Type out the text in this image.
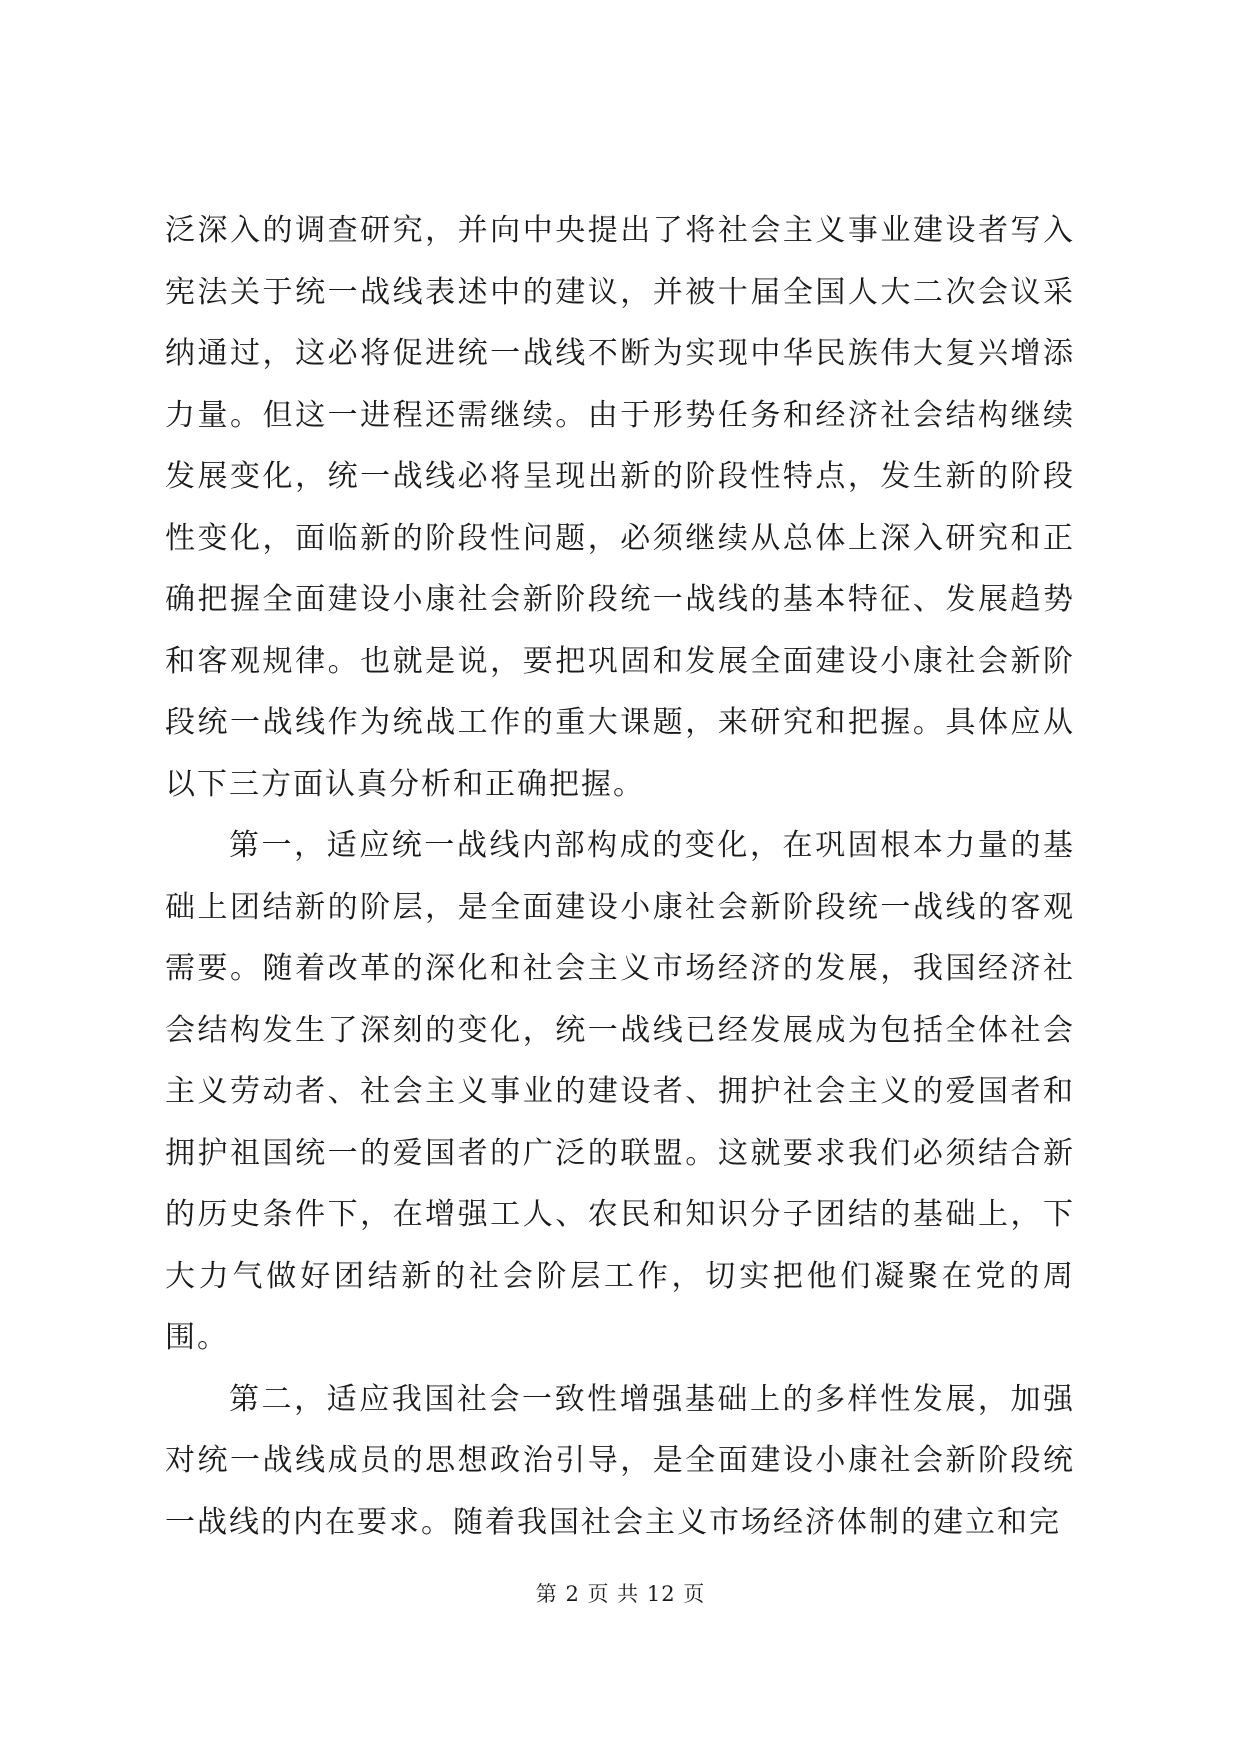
泛深入的调查研究，并向中央提出了将社会主义事业建设者写入宪法关于统一战线表述中的建议，并被十届全国人大二次会议采纳通过，这必将促进统一战线不断为实现中华民族伟大复兴增添力量。但这一进程还需继续。由于形势任务和经济社会结构继续发展变化，统一战线必将呈现出新的阶段性特点，发生新的阶段性变化，面临新的阶段性问题，必须继续从总体上深入研究和正确把握全面建设小康社会新阶段统一战线的基本特征、发展趋势和客观规律。也就是说，要把巩固和发展全面建设小康社会新阶段统一战线作为统战工作的重大课题，来研究和把握。具体应从以下三方面认真分析和正确把握。

第一，适应统一战线内部构成的变化，在巩固根本力量的基础上团结新的阶层，是全面建设小康社会新阶段统一战线的客观需要。随着改革的深化和社会主义市场经济的发展，我国经济社会结构发生了深刻的变化，统一战线已经发展成为包括全体社会主义劳动者、社会主义事业的建设者、拥护社会主义的爱国者和拥护祖国统一的爱国者的广泛的联盟。这就要求我们必须结合新的历史条件下，在增强工人、农民和知识分子团结的基础上，下大力气做好团结新的社会阶层工作，切实把他们凝聚在党的周围。

第二，适应我国社会一致性增强基础上的多样性发展，加强对统一战线成员的思想政治引导，是全面建设小康社会新阶段统一战线的内在要求。随着我国社会主义市场经济体制的建立和完

第 2 页 共 12 页
